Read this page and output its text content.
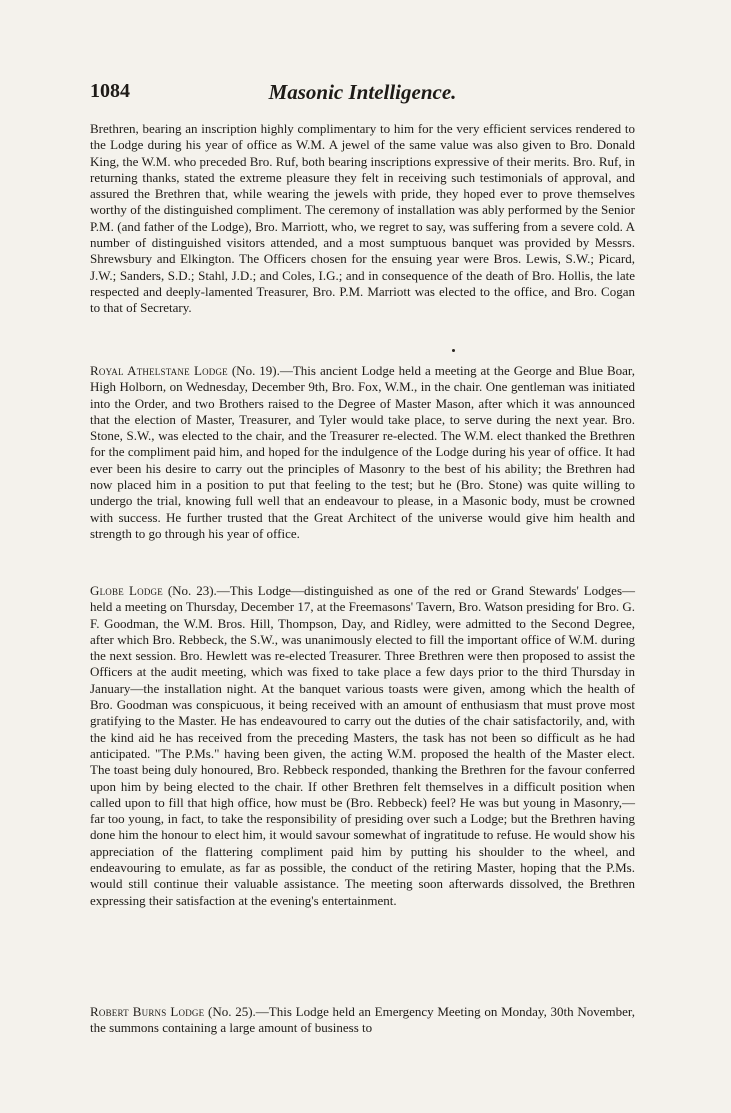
1084	Masonic Intelligence.

Brethren, bearing an inscription highly complimentary to him for the very efficient services rendered to the Lodge during his year of office as W.M. A jewel of the same value was also given to Bro. Donald King, the W.M. who preceded Bro. Ruf, both bearing inscriptions expressive of their merits. Bro. Ruf, in returning thanks, stated the extreme pleasure they felt in receiving such testimonials of approval, and assured the Brethren that, while wearing the jewels with pride, they hoped ever to prove themselves worthy of the distinguished compliment. The ceremony of installation was ably performed by the Senior P.M. (and father of the Lodge), Bro. Marriott, who, we regret to say, was suffering from a severe cold. A number of distinguished visitors attended, and a most sumptuous banquet was provided by Messrs. Shrewsbury and Elkington. The Officers chosen for the ensuing year were Bros. Lewis, S.W.; Picard, J.W.; Sanders, S.D.; Stahl, J.D.; and Coles, I.G.; and in consequence of the death of Bro. Hollis, the late respected and deeply-lamented Treasurer, Bro. P.M. Marriott was elected to the office, and Bro. Cogan to that of Secretary.

Royal Athelstane Lodge (No. 19).—This ancient Lodge held a meeting at the George and Blue Boar, High Holborn, on Wednesday, December 9th, Bro. Fox, W.M., in the chair. One gentleman was initiated into the Order, and two Brothers raised to the Degree of Master Mason, after which it was announced that the election of Master, Treasurer, and Tyler would take place, to serve during the next year. Bro. Stone, S.W., was elected to the chair, and the Treasurer re-elected. The W.M. elect thanked the Brethren for the compliment paid him, and hoped for the indulgence of the Lodge during his year of office. It had ever been his desire to carry out the principles of Masonry to the best of his ability; the Brethren had now placed him in a position to put that feeling to the test; but he (Bro. Stone) was quite willing to undergo the trial, knowing full well that an endeavour to please, in a Masonic body, must be crowned with success. He further trusted that the Great Architect of the universe would give him health and strength to go through his year of office.

Globe Lodge (No. 23).—This Lodge—distinguished as one of the red or Grand Stewards' Lodges—held a meeting on Thursday, December 17, at the Freemasons' Tavern, Bro. Watson presiding for Bro. G. F. Goodman, the W.M. Bros. Hill, Thompson, Day, and Ridley, were admitted to the Second Degree, after which Bro. Rebbeck, the S.W., was unanimously elected to fill the important office of W.M. during the next session. Bro. Hewlett was re-elected Treasurer. Three Brethren were then proposed to assist the Officers at the audit meeting, which was fixed to take place a few days prior to the third Thursday in January—the installation night. At the banquet various toasts were given, among which the health of Bro. Goodman was conspicuous, it being received with an amount of enthusiasm that must prove most gratifying to the Master. He has endeavoured to carry out the duties of the chair satisfactorily, and, with the kind aid he has received from the preceding Masters, the task has not been so difficult as he had anticipated. "The P.Ms." having been given, the acting W.M. proposed the health of the Master elect. The toast being duly honoured, Bro. Rebbeck responded, thanking the Brethren for the favour conferred upon him by being elected to the chair. If other Brethren felt themselves in a difficult position when called upon to fill that high office, how must be (Bro. Rebbeck) feel? He was but young in Masonry,—far too young, in fact, to take the responsibility of presiding over such a Lodge; but the Brethren having done him the honour to elect him, it would savour somewhat of ingratitude to refuse. He would show his appreciation of the flattering compliment paid him by putting his shoulder to the wheel, and endeavouring to emulate, as far as possible, the conduct of the retiring Master, hoping that the P.Ms. would still continue their valuable assistance. The meeting soon afterwards dissolved, the Brethren expressing their satisfaction at the evening's entertainment.

Robert Burns Lodge (No. 25).—This Lodge held an Emergency Meeting on Monday, 30th November, the summons containing a large amount of business to
